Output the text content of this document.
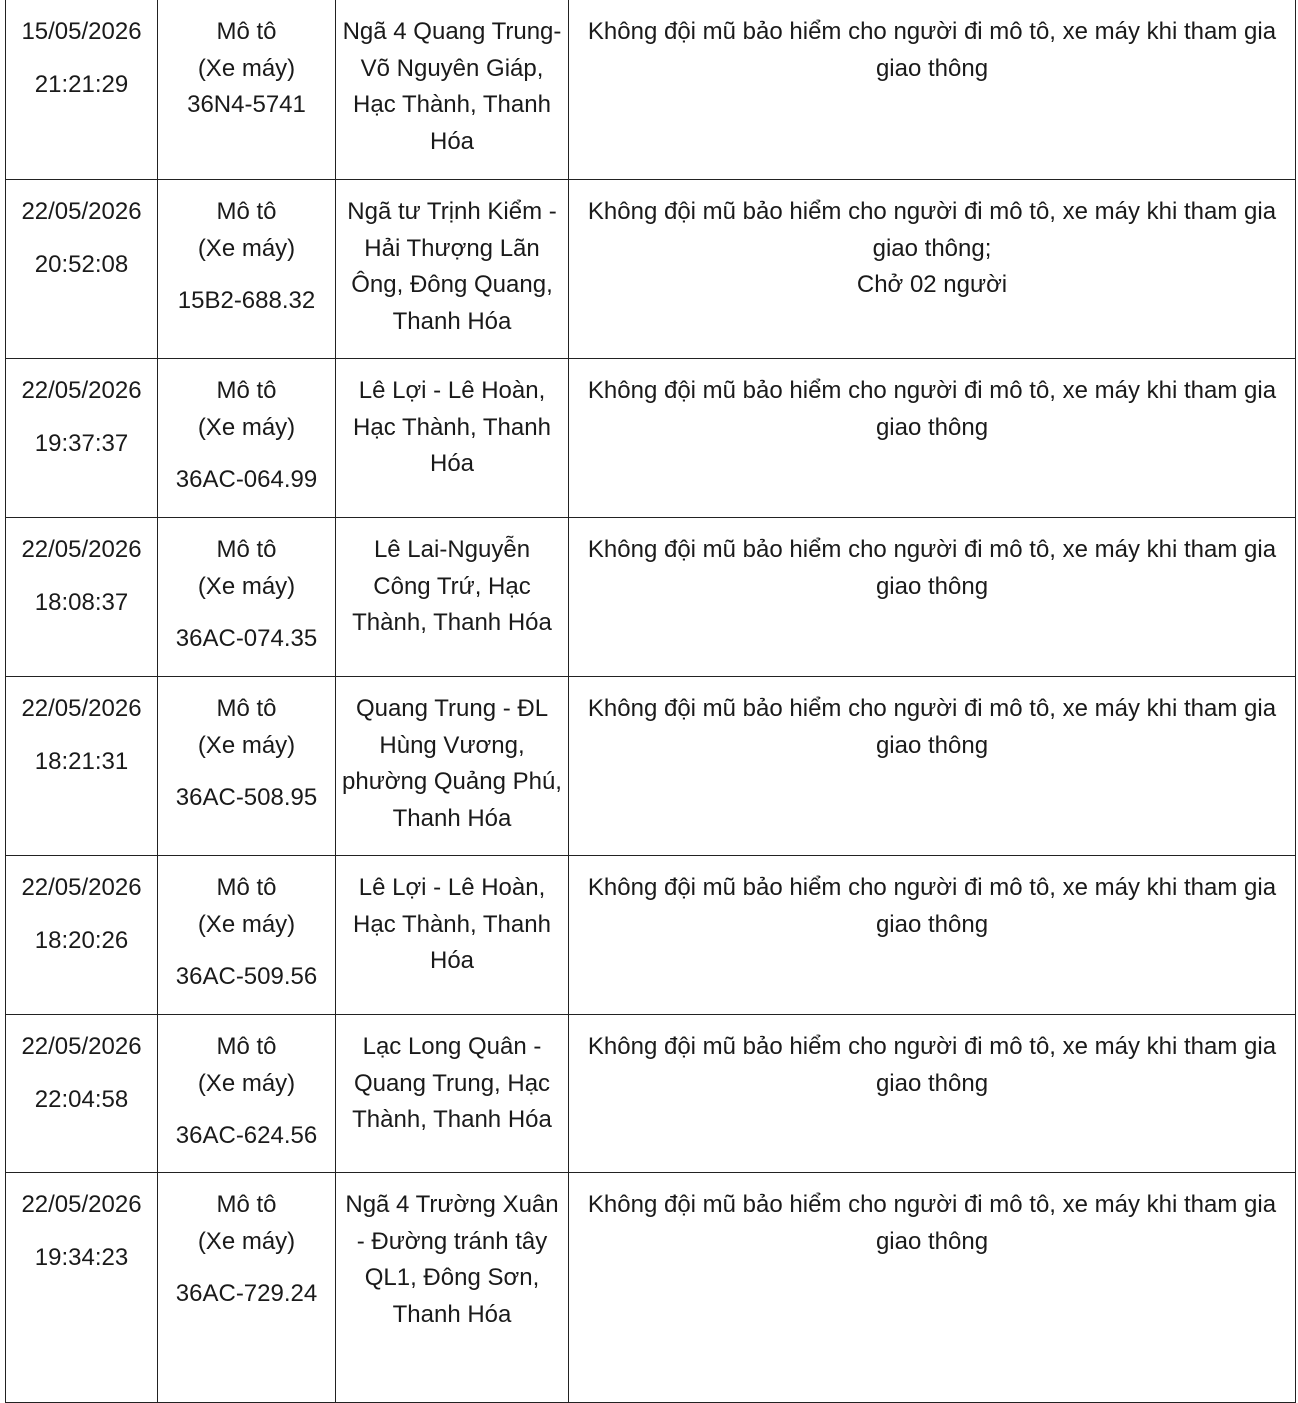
15/05/2026
21:21:29	Mô tô
(Xe máy)
36N4-5741	Ngã 4 Quang Trung-Võ Nguyên Giáp, Hạc Thành, Thanh Hóa	Không đội mũ bảo hiểm cho người đi mô tô, xe máy khi tham gia giao thông

22/05/2026
20:52:08	Mô tô
(Xe máy)
15B2-688.32	Ngã tư Trịnh Kiểm - Hải Thượng Lãn Ông, Đông Quang, Thanh Hóa	Không đội mũ bảo hiểm cho người đi mô tô, xe máy khi tham gia giao thông;
Chở 02 người

22/05/2026
19:37:37	Mô tô
(Xe máy)
36AC-064.99	Lê Lợi - Lê Hoàn, Hạc Thành, Thanh Hóa	Không đội mũ bảo hiểm cho người đi mô tô, xe máy khi tham gia giao thông

22/05/2026
18:08:37	Mô tô
(Xe máy)
36AC-074.35	Lê Lai-Nguyễn Công Trứ, Hạc Thành, Thanh Hóa	Không đội mũ bảo hiểm cho người đi mô tô, xe máy khi tham gia giao thông

22/05/2026
18:21:31	Mô tô
(Xe máy)
36AC-508.95	Quang Trung - ĐL Hùng Vương, phường Quảng Phú, Thanh Hóa	Không đội mũ bảo hiểm cho người đi mô tô, xe máy khi tham gia giao thông

22/05/2026
18:20:26	Mô tô
(Xe máy)
36AC-509.56	Lê Lợi - Lê Hoàn, Hạc Thành, Thanh Hóa	Không đội mũ bảo hiểm cho người đi mô tô, xe máy khi tham gia giao thông

22/05/2026
22:04:58	Mô tô
(Xe máy)
36AC-624.56	Lạc Long Quân - Quang Trung, Hạc Thành, Thanh Hóa	Không đội mũ bảo hiểm cho người đi mô tô, xe máy khi tham gia giao thông

22/05/2026
19:34:23	Mô tô
(Xe máy)
36AC-729.24	Ngã 4 Trường Xuân - Đường tránh tây QL1, Đông Sơn, Thanh Hóa	Không đội mũ bảo hiểm cho người đi mô tô, xe máy khi tham gia giao thông
